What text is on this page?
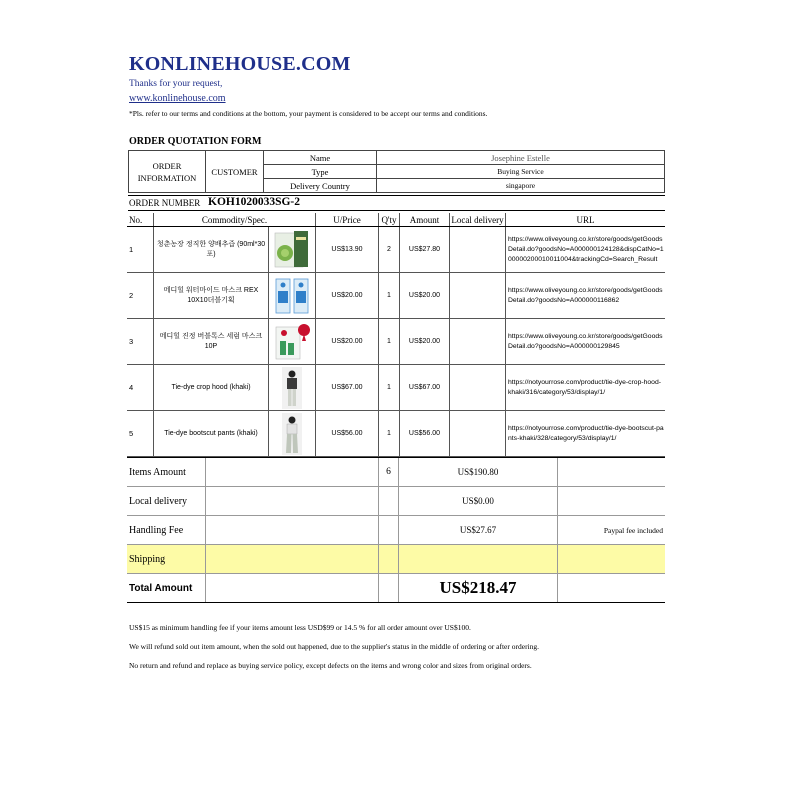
KONLINEHOUSE.COM
Thanks for your request,
www.konlinehouse.com
*Pls. refer to our terms and conditions at the bottom, your payment is considered to be accept our terms and conditions.
ORDER QUOTATION FORM
ORDER
INFORMATION	CUSTOMER	Name	Josephine Estelle
		Type	Buying Service
		Delivery Country	singapore
ORDER NUMBER KOH1020033SG-2
No.	Commodity/Spec.		U/Price	Q'ty	Amount	Local delivery	URL
1	청춘농장 정직한 양배추즙 (90ml*30포)		US$13.90	2	US$27.80		https://www.oliveyoung.co.kr/store/goods/getGoodsDetail.do?goodsNo=A000000124128&dispCatNo=100000200010011004&trackingCd=Search_Result
2	메디힐 워터마이드 마스크 REX 10X10더블기획		US$20.00	1	US$20.00		https://www.oliveyoung.co.kr/store/goods/getGoodsDetail.do?goodsNo=A000000116862
3	메디힐 진정 버블톡스 세럼 마스크 10P		US$20.00	1	US$20.00		https://www.oliveyoung.co.kr/store/goods/getGoodsDetail.do?goodsNo=A000000129845
4	Tie-dye crop hood (khaki)		US$67.00	1	US$67.00		https://notyourrose.com/product/tie-dye-crop-hood-khaki/316/category/53/display/1/
5	Tie-dye bootscut pants (khaki)		US$56.00	1	US$56.00		https://notyourrose.com/product/tie-dye-bootscut-pants-khaki/328/category/53/display/1/
Items Amount		6	US$190.80	
Local delivery			US$0.00	
Handling Fee			US$27.67	Paypal fee included
Shipping				
Total Amount			US$218.47	
US$15 as minimum handling fee if your items amount less USD$99 or 14.5 % for all order amount over US$100.
We will refund sold out item amount, when the sold out happened, due to the supplier's status in the middle of ordering or after ordering.
No return and refund and replace as buying service policy, except defects on the items and wrong color and sizes from original orders.
